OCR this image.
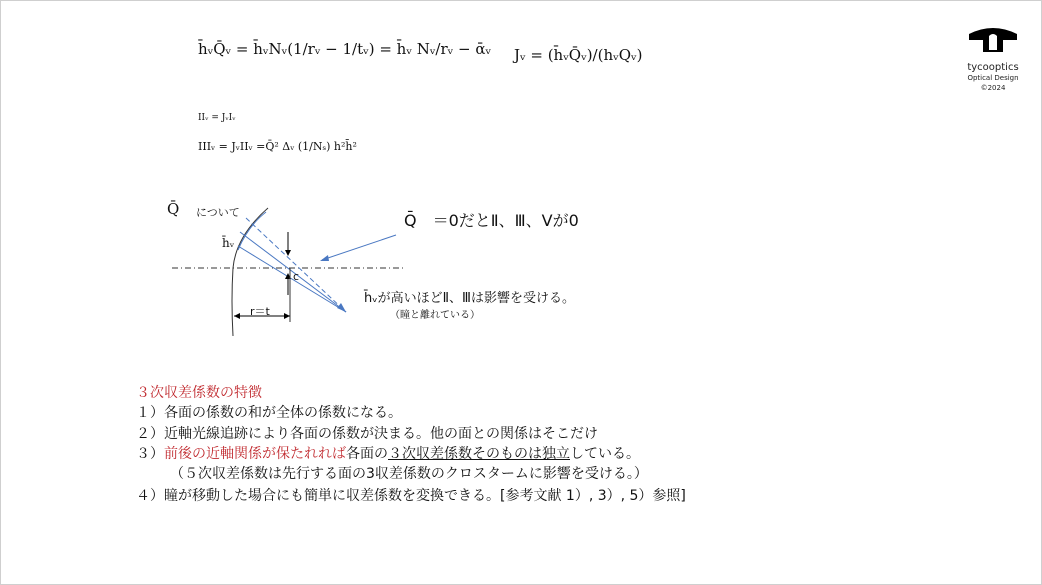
tycooptics
Optical Design
©2024
h̄ᵥQ̄ᵥ = h̄ᵥNᵥ(1/rᵥ − 1/tᵥ) = h̄ᵥ Nᵥ/rᵥ − ᾱᵥ Jᵥ = (h̄ᵥQ̄ᵥ)/(hᵥQᵥ)
IIᵥ = JᵥIᵥ
IIIᵥ = JᵥIIᵥ =Q̄² Δᵥ (1/Nₛ) h²h̄²
Q̄ について
h̄ᵥ
c
r＝t
Q̄　＝0だとⅡ、Ⅲ、Ⅴが0
h̄ᵥが高いほどⅡ、Ⅲは影響を受ける。
（瞳と離れている）
３次収差係数の特徴
１）各面の係数の和が全体の係数になる。
２）近軸光線追跡により各面の係数が決まる。他の面との関係はそこだけ
３）前後の近軸関係が保たれれば各面の３次収差係数そのものは独立している。
（５次収差係数は先行する面の3収差係数のクロスタームに影響を受ける。）
４）瞳が移動した場合にも簡単に収差係数を変換できる。[参考文献 1）, 3）, 5）参照]
